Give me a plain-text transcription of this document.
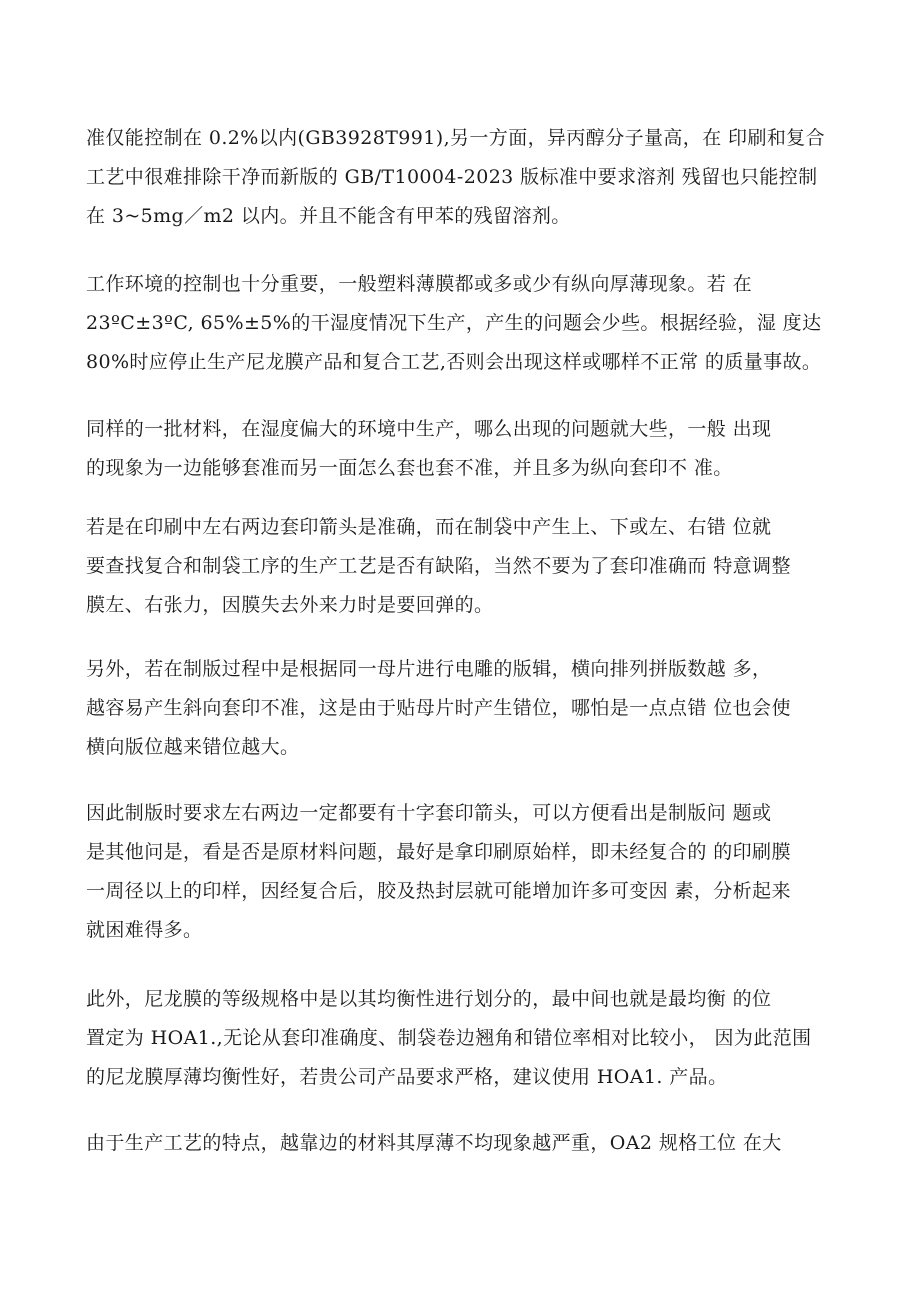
准仅能控制在 0.2%以内(GB3928T991),另一方面，异丙醇分子量高，在 印刷和复合
工艺中很难排除干净而新版的 GB/T10004-2023 版标准中要求溶剂 残留也只能控制
在 3~5mg／m2 以内。并且不能含有甲苯的残留溶剂。

工作环境的控制也十分重要，一般塑料薄膜都或多或少有纵向厚薄现象。若 在
23ºC±3ºC, 65%±5%的干湿度情况下生产，产生的问题会少些。根据经验，湿 度达
80%时应停止生产尼龙膜产品和复合工艺,否则会出现这样或哪样不正常 的质量事故。

同样的一批材料，在湿度偏大的环境中生产，哪么出现的问题就大些，一般 出现
的现象为一边能够套准而另一面怎么套也套不准，并且多为纵向套印不 准。

若是在印刷中左右两边套印箭头是准确，而在制袋中产生上、下或左、右错 位就
要查找复合和制袋工序的生产工艺是否有缺陷，当然不要为了套印准确而 特意调整
膜左、右张力，因膜失去外来力时是要回弹的。

另外，若在制版过程中是根据同一母片进行电雕的版辑，横向排列拼版数越 多，
越容易产生斜向套印不准，这是由于贴母片时产生错位，哪怕是一点点错 位也会使
横向版位越来错位越大。

因此制版时要求左右两边一定都要有十字套印箭头，可以方便看出是制版问 题或
是其他问是，看是否是原材料问题，最好是拿印刷原始样，即未经复合的 的印刷膜
一周径以上的印样，因经复合后，胶及热封层就可能增加许多可变因 素，分析起来
就困难得多。

此外，尼龙膜的等级规格中是以其均衡性进行划分的，最中间也就是最均衡 的位
置定为 HOA1.,无论从套印准确度、制袋卷边翘角和错位率相对比较小， 因为此范围
的尼龙膜厚薄均衡性好，若贵公司产品要求严格，建议使用 HOA1. 产品。

由于生产工艺的特点，越靠边的材料其厚薄不均现象越严重，OA2 规格工位 在大
